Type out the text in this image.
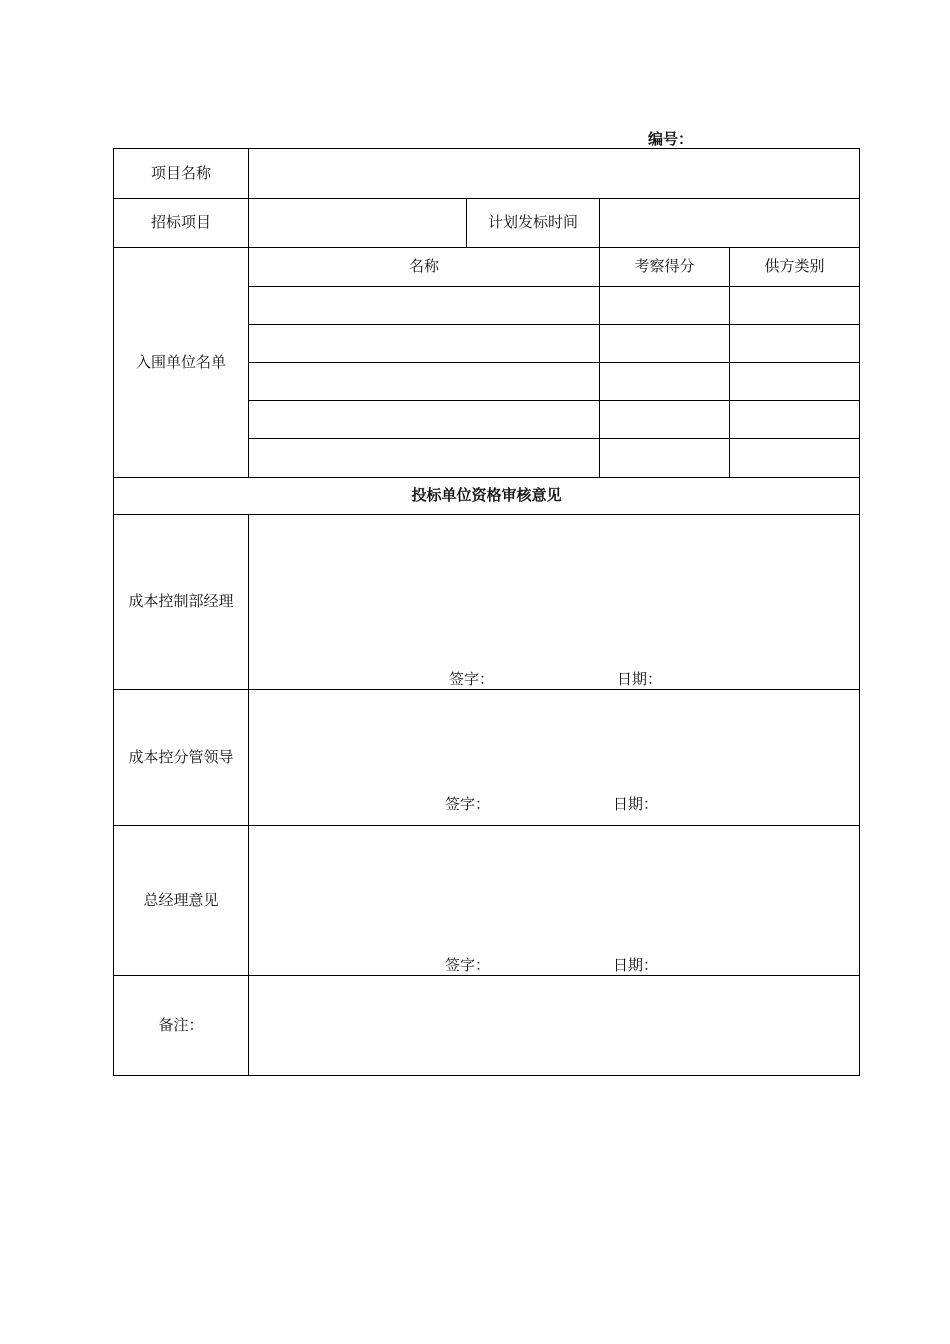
编号：
项目名称
招标项目	计划发标时间
入围单位名单
名称	考察得分	供方类别
投标单位资格审核意见
成本控制部经理
签字：	日期：
成本控分管领导
签字：	日期：
总经理意见
签字：	日期：
备注：
